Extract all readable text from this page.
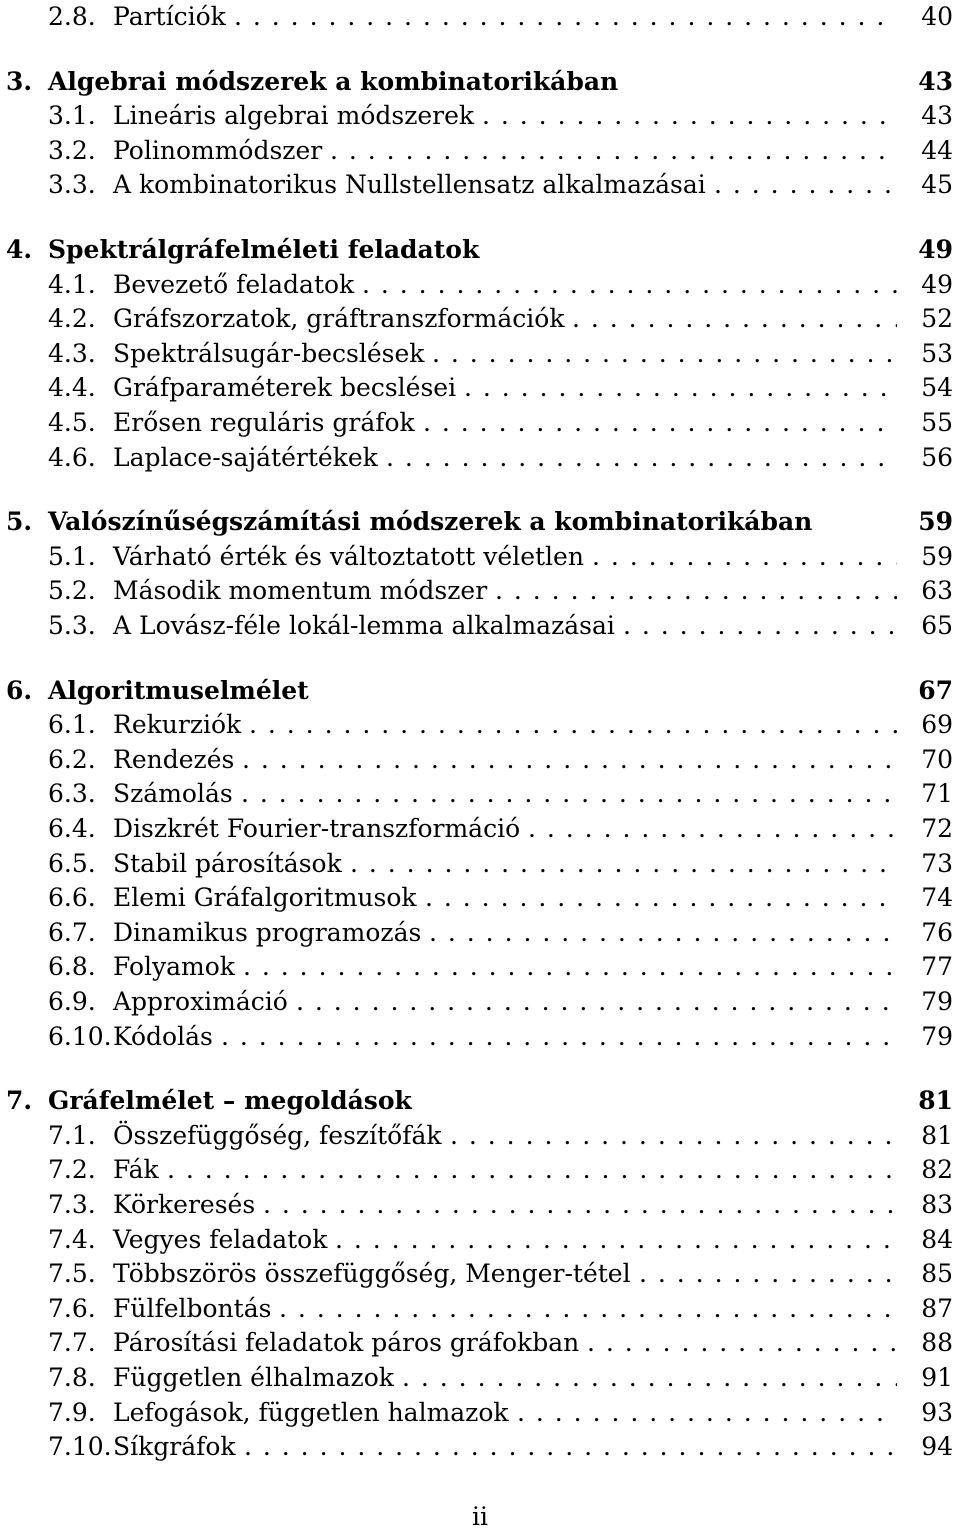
2.8. Partíciók . . .	40
3. Algebrai módszerek a kombinatorikában	43
3.1. Lineáris algebrai módszerek . . .	43
3.2. Polinommódszer . . .	44
3.3. A kombinatorikus Nullstellensatz alkalmazásai . . .	45
4. Spektrálgráfelméleti feladatok	49
4.1. Bevezető feladatok . . .	49
4.2. Gráfszorzatok, gráftranszformációk . . .	52
4.3. Spektrálsugár-becslések . . .	53
4.4. Gráfparaméterek becslései . . .	54
4.5. Erősen reguláris gráfok . . .	55
4.6. Laplace-sajátértékek . . .	56
5. Valószínűségszámítási módszerek a kombinatorikában	59
5.1. Várható érték és változtatott véletlen . . .	59
5.2. Második momentum módszer . . .	63
5.3. A Lovász-féle lokál-lemma alkalmazásai . . .	65
6. Algoritmuselmélet	67
6.1. Rekurziók . . .	69
6.2. Rendezés . . .	70
6.3. Számolás . . .	71
6.4. Diszkrét Fourier-transzformáció . . .	72
6.5. Stabil párosítások . . .	73
6.6. Elemi Gráfalgoritmusok . . .	74
6.7. Dinamikus programozás . . .	76
6.8. Folyamok . . .	77
6.9. Approximáció . . .	79
6.10. Kódolás . . .	79
7. Gráfelmélet – megoldások	81
7.1. Összefüggőség, feszítőfák . . .	81
7.2. Fák . . .	82
7.3. Körkeresés . . .	83
7.4. Vegyes feladatok . . .	84
7.5. Többszörös összefüggőség, Menger-tétel . . .	85
7.6. Fülfelbontás . . .	87
7.7. Párosítási feladatok páros gráfokban . . .	88
7.8. Független élhalmazok . . .	91
7.9. Lefogások, független halmazok . . .	93
7.10. Síkgráfok . . .	94
ii
